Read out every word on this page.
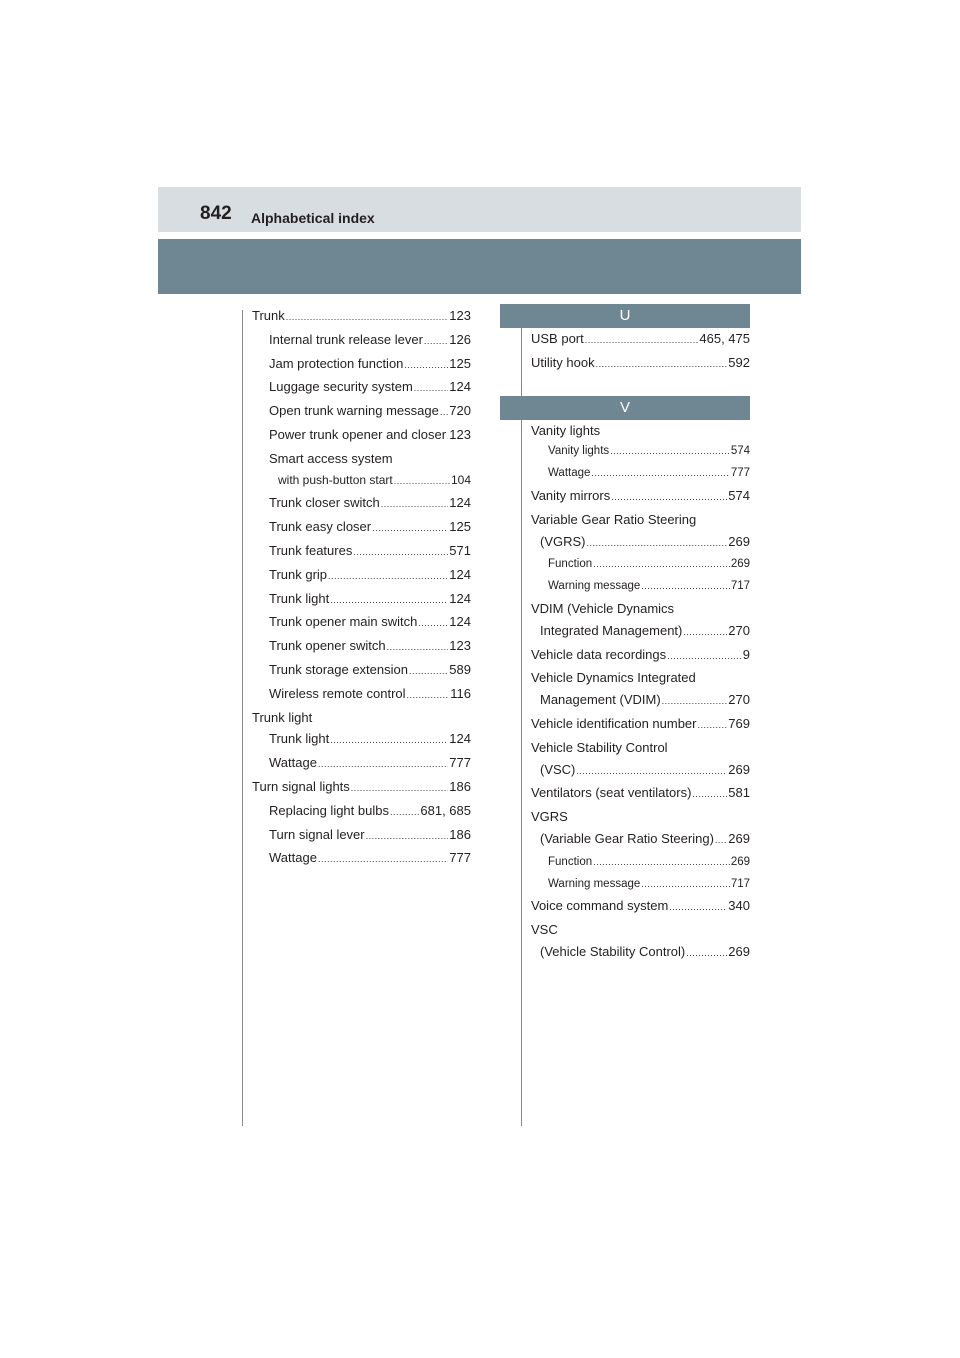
842 Alphabetical index
Trunk .....	123
Internal trunk release lever ..... 126
Jam protection function .....	125
Luggage security system .....	124
Open trunk warning message ..... 720
Power trunk opener and closer ..... 123
Smart access system
with push-button start .....	104
Trunk closer switch .....	124
Trunk easy closer .....	125
Trunk features .....	571
Trunk grip .....	124
Trunk light .....	124
Trunk opener main switch ..... 124
Trunk opener switch .....	123
Trunk storage extension .....	589
Wireless remote control .....	116
Trunk light
Trunk light .....	124
Wattage .....	777
Turn signal lights .....	186
Replacing light bulbs ..... 681, 685
Turn signal lever .....	186
Wattage .....	777
U
USB port .....	465, 475
Utility hook .....	592
V
Vanity lights
Vanity lights .....	574
Wattage .....	777
Vanity mirrors .....	574
Variable Gear Ratio Steering
(VGRS) .....	269
Function .....	269
Warning message .....	717
VDIM (Vehicle Dynamics
Integrated Management) .....	270
Vehicle data recordings .....	9
Vehicle Dynamics Integrated
Management (VDIM) .....	270
Vehicle identification number ..... 769
Vehicle Stability Control
(VSC) .....	269
Ventilators (seat ventilators) .....	581
VGRS
(Variable Gear Ratio Steering) ..... 269
Function .....	269
Warning message .....	717
Voice command system .....	340
VSC
(Vehicle Stability Control) .....	269
